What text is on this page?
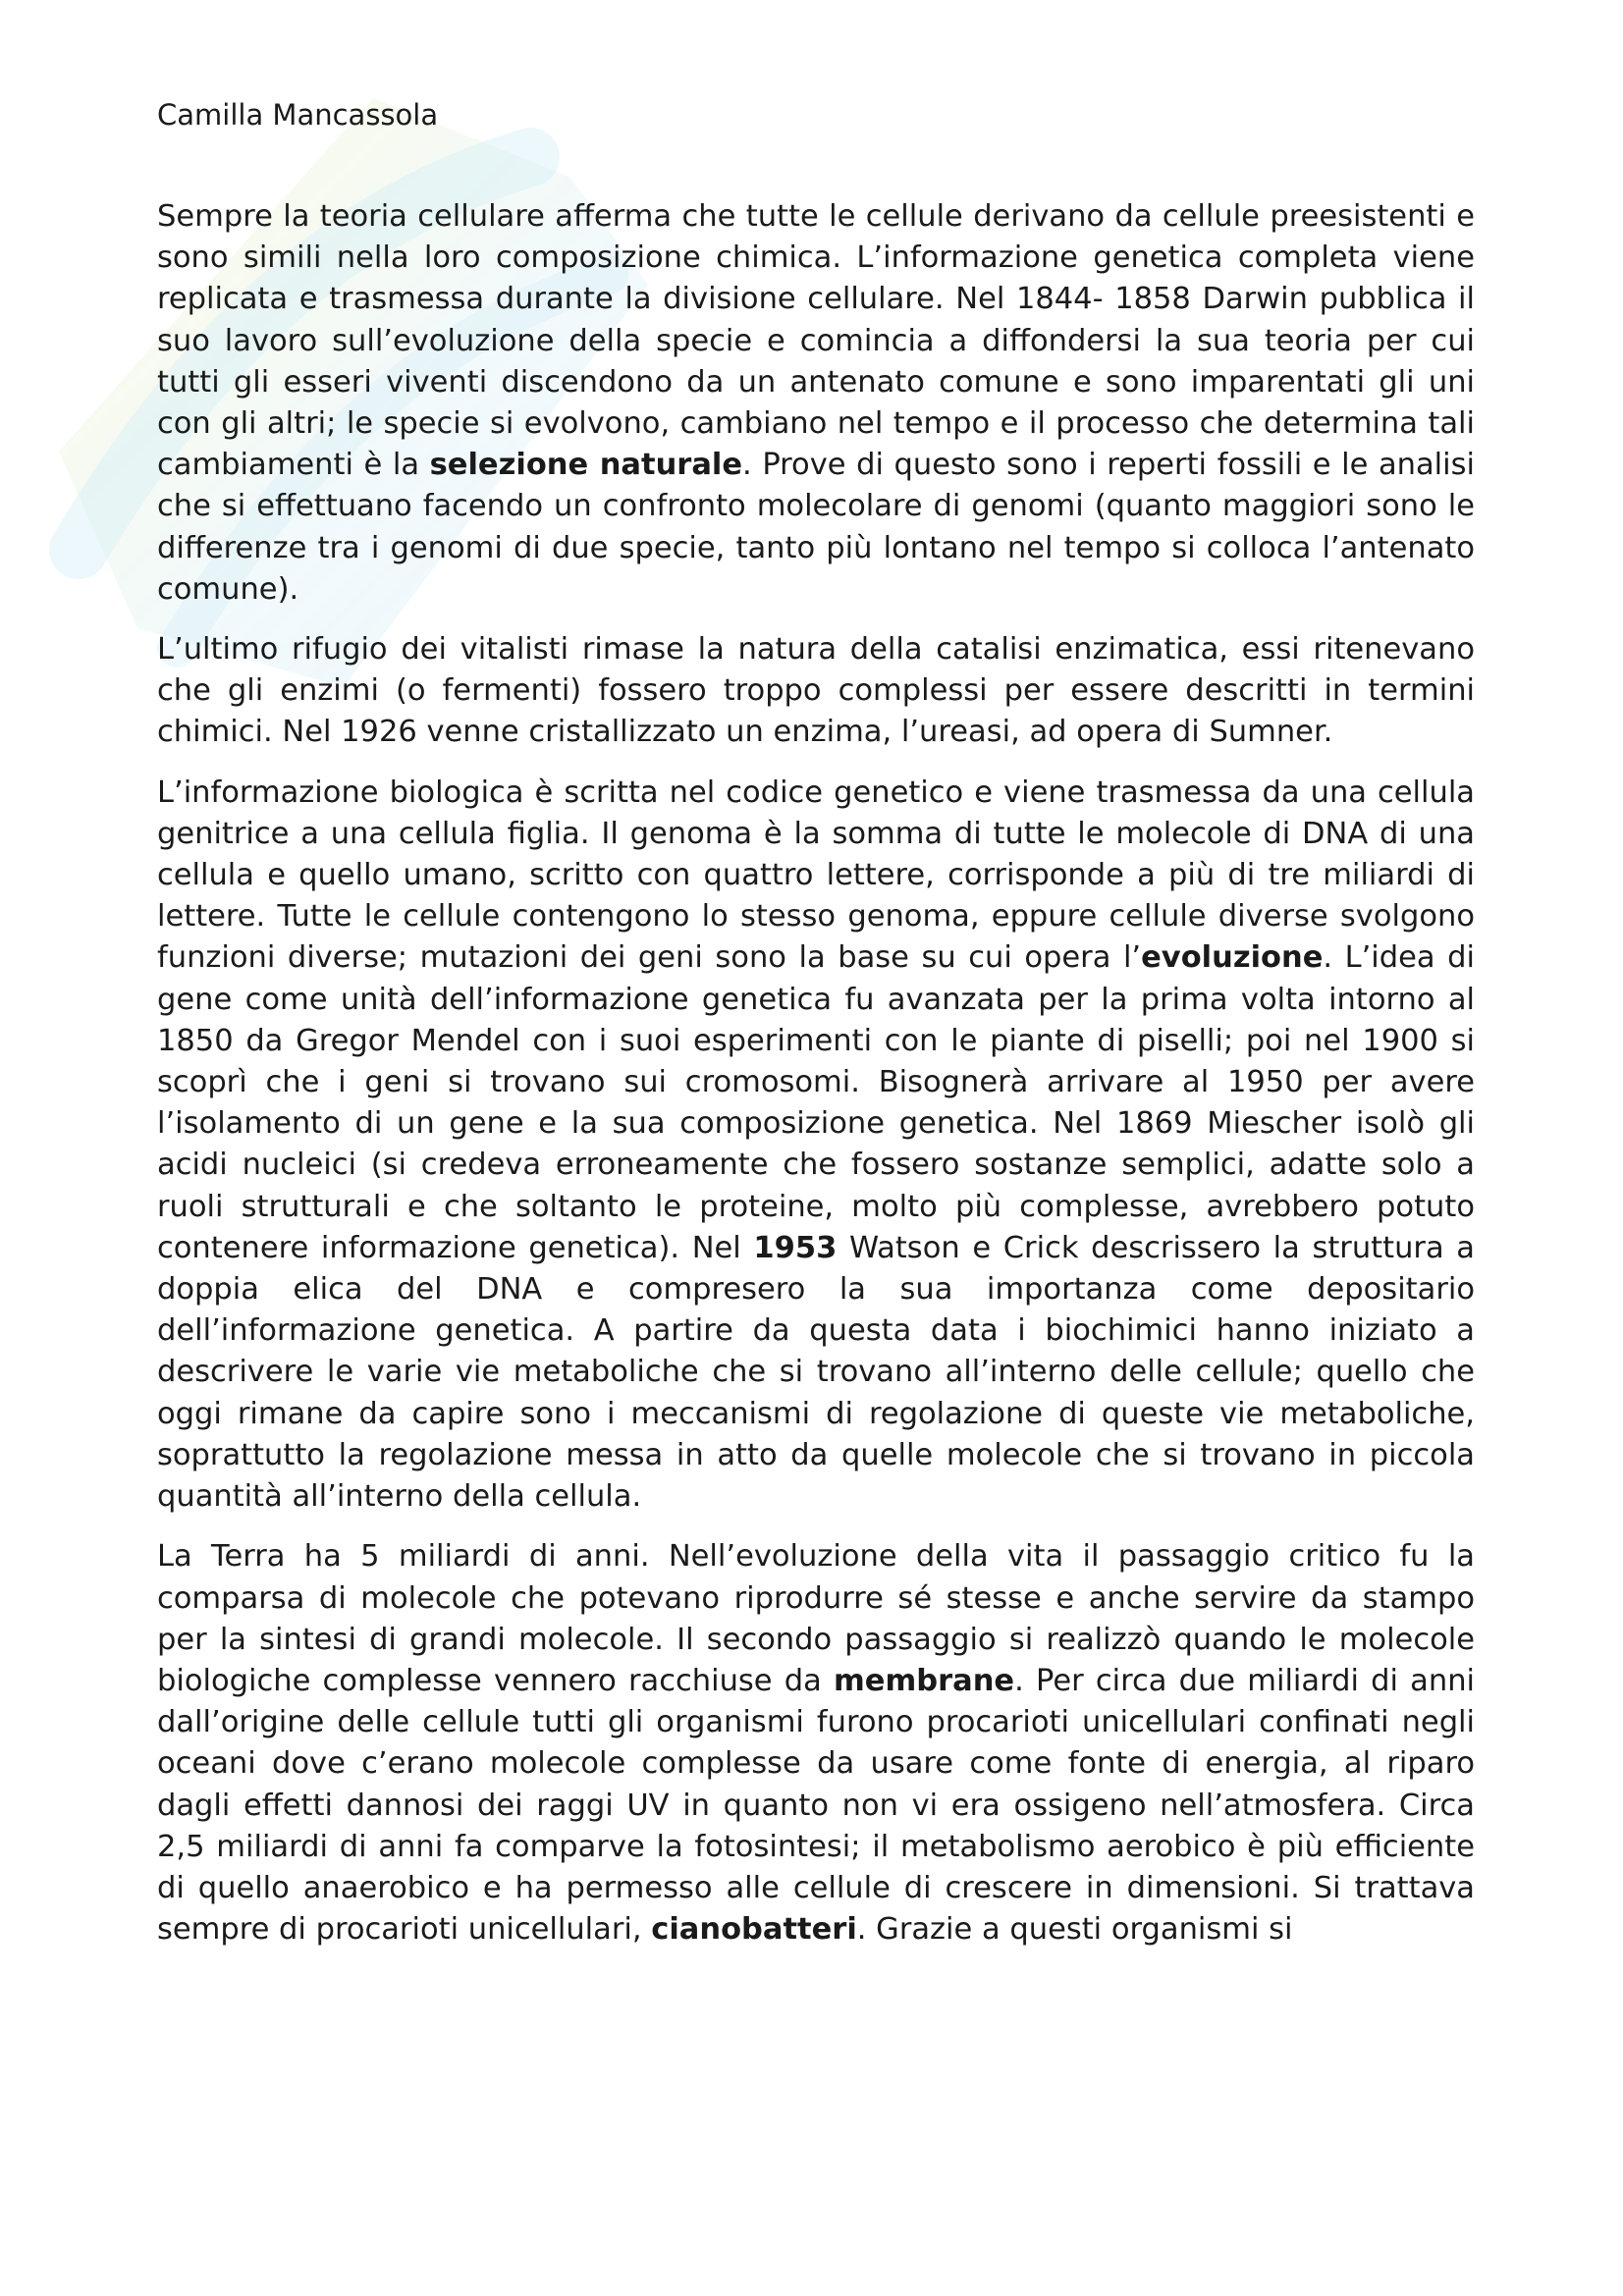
Camilla Mancassola

Sempre la teoria cellulare afferma che tutte le cellule derivano da cellule preesistenti e sono simili nella loro composizione chimica. L’informazione genetica completa viene replicata e trasmessa durante la divisione cellulare. Nel 1844- 1858 Darwin pubblica il suo lavoro sull’evoluzione della specie e comincia a diffondersi la sua teoria per cui tutti gli esseri viventi discendono da un antenato comune e sono imparentati gli uni con gli altri; le specie si evolvono, cambiano nel tempo e il processo che determina tali cambiamenti è la selezione naturale. Prove di questo sono i reperti fossili e le analisi che si effettuano facendo un confronto molecolare di genomi (quanto maggiori sono le differenze tra i genomi di due specie, tanto più lontano nel tempo si colloca l’antenato comune).

L’ultimo rifugio dei vitalisti rimase la natura della catalisi enzimatica, essi ritenevano che gli enzimi (o fermenti) fossero troppo complessi per essere descritti in termini chimici. Nel 1926 venne cristallizzato un enzima, l’ureasi, ad opera di Sumner.

L’informazione biologica è scritta nel codice genetico e viene trasmessa da una cellula genitrice a una cellula figlia. Il genoma è la somma di tutte le molecole di DNA di una cellula e quello umano, scritto con quattro lettere, corrisponde a più di tre miliardi di lettere. Tutte le cellule contengono lo stesso genoma, eppure cellule diverse svolgono funzioni diverse; mutazioni dei geni sono la base su cui opera l’evoluzione. L’idea di gene come unità dell’informazione genetica fu avanzata per la prima volta intorno al 1850 da Gregor Mendel con i suoi esperimenti con le piante di piselli; poi nel 1900 si scoprì che i geni si trovano sui cromosomi. Bisognerà arrivare al 1950 per avere l’isolamento di un gene e la sua composizione genetica. Nel 1869 Miescher isolò gli acidi nucleici (si credeva erroneamente che fossero sostanze semplici, adatte solo a ruoli strutturali e che soltanto le proteine, molto più complesse, avrebbero potuto contenere informazione genetica). Nel 1953 Watson e Crick descrissero la struttura a doppia elica del DNA e compresero la sua importanza come depositario dell’informazione genetica. A partire da questa data i biochimici hanno iniziato a descrivere le varie vie metaboliche che si trovano all’interno delle cellule; quello che oggi rimane da capire sono i meccanismi di regolazione di queste vie metaboliche, soprattutto la regolazione messa in atto da quelle molecole che si trovano in piccola quantità all’interno della cellula.

La Terra ha 5 miliardi di anni. Nell’evoluzione della vita il passaggio critico fu la comparsa di molecole che potevano riprodurre sé stesse e anche servire da stampo per la sintesi di grandi molecole. Il secondo passaggio si realizzò quando le molecole biologiche complesse vennero racchiuse da membrane. Per circa due miliardi di anni dall’origine delle cellule tutti gli organismi furono procarioti unicellulari confinati negli oceani dove c’erano molecole complesse da usare come fonte di energia, al riparo dagli effetti dannosi dei raggi UV in quanto non vi era ossigeno nell’atmosfera. Circa 2,5 miliardi di anni fa comparve la fotosintesi; il metabolismo aerobico è più efficiente di quello anaerobico e ha permesso alle cellule di crescere in dimensioni. Si trattava sempre di procarioti unicellulari, cianobatteri. Grazie a questi organismi si
